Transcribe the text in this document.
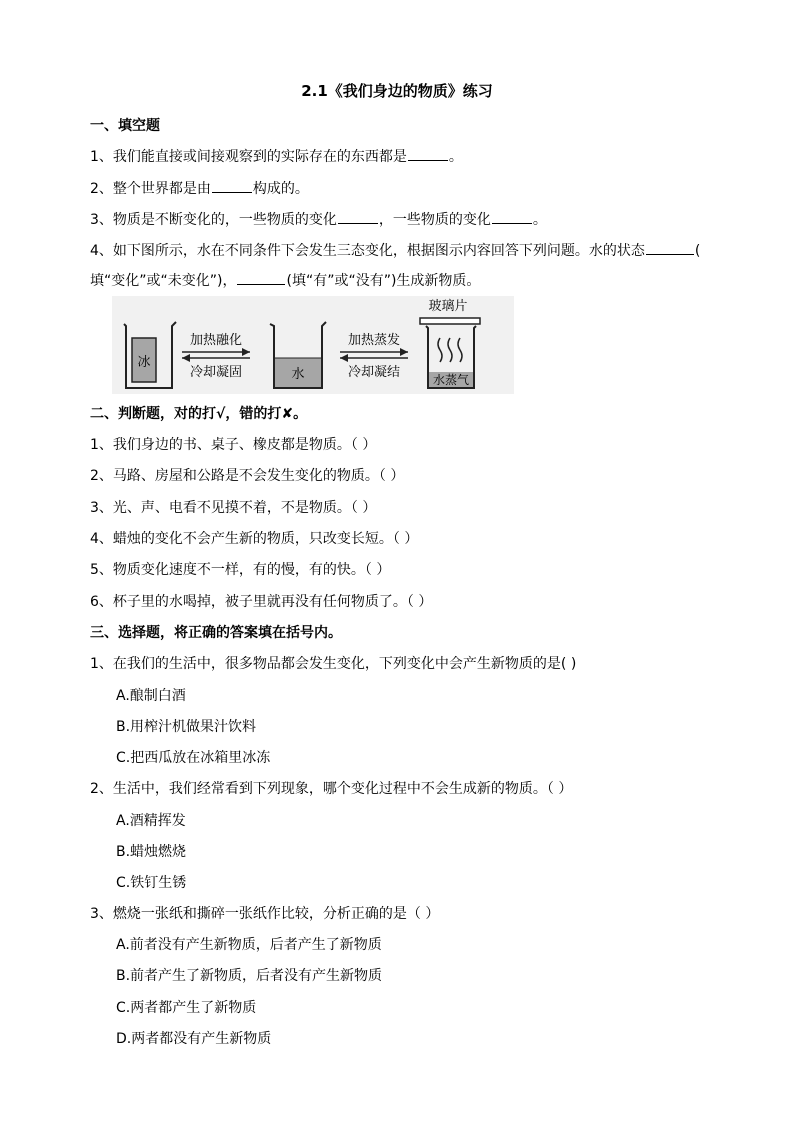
2.1《我们身边的物质》练习
一、填空题
1、我们能直接或间接观察到的实际存在的东西都是	。
2、整个世界都是由	构成的。
3、物质是不断变化的，一些物质的变化	，一些物质的变化	。
4、如下图所示，水在不同条件下会发生三态变化，根据图示内容回答下列问题。水的状态	(
填“变化”或“未变化”)，	(填“有”或“没有”)生成新物质。
冰
加热融化
冷却凝固	水
加热蒸发
冷却凝结
玻璃片
水蒸气
二、判断题，对的打√，错的打✘。
1、我们身边的书、桌子、橡皮都是物质。（ ）
2、马路、房屋和公路是不会发生变化的物质。（ ）
3、光、声、电看不见摸不着，不是物质。（ ）
4、蜡烛的变化不会产生新的物质，只改变长短。（ ）
5、物质变化速度不一样，有的慢，有的快。（ ）
6、杯子里的水喝掉，被子里就再没有任何物质了。（ ）
三、选择题，将正确的答案填在括号内。
1、在我们的生活中，很多物品都会发生变化，下列变化中会产生新物质的是( )
A.酿制白酒
B.用榨汁机做果汁饮料
C.把西瓜放在冰箱里冰冻
2、生活中，我们经常看到下列现象，哪个变化过程中不会生成新的物质。（ ）
A.酒精挥发
B.蜡烛燃烧
C.铁钉生锈
3、燃烧一张纸和撕碎一张纸作比较，分析正确的是（ ）
A.前者没有产生新物质，后者产生了新物质
B.前者产生了新物质，后者没有产生新物质
C.两者都产生了新物质
D.两者都没有产生新物质
